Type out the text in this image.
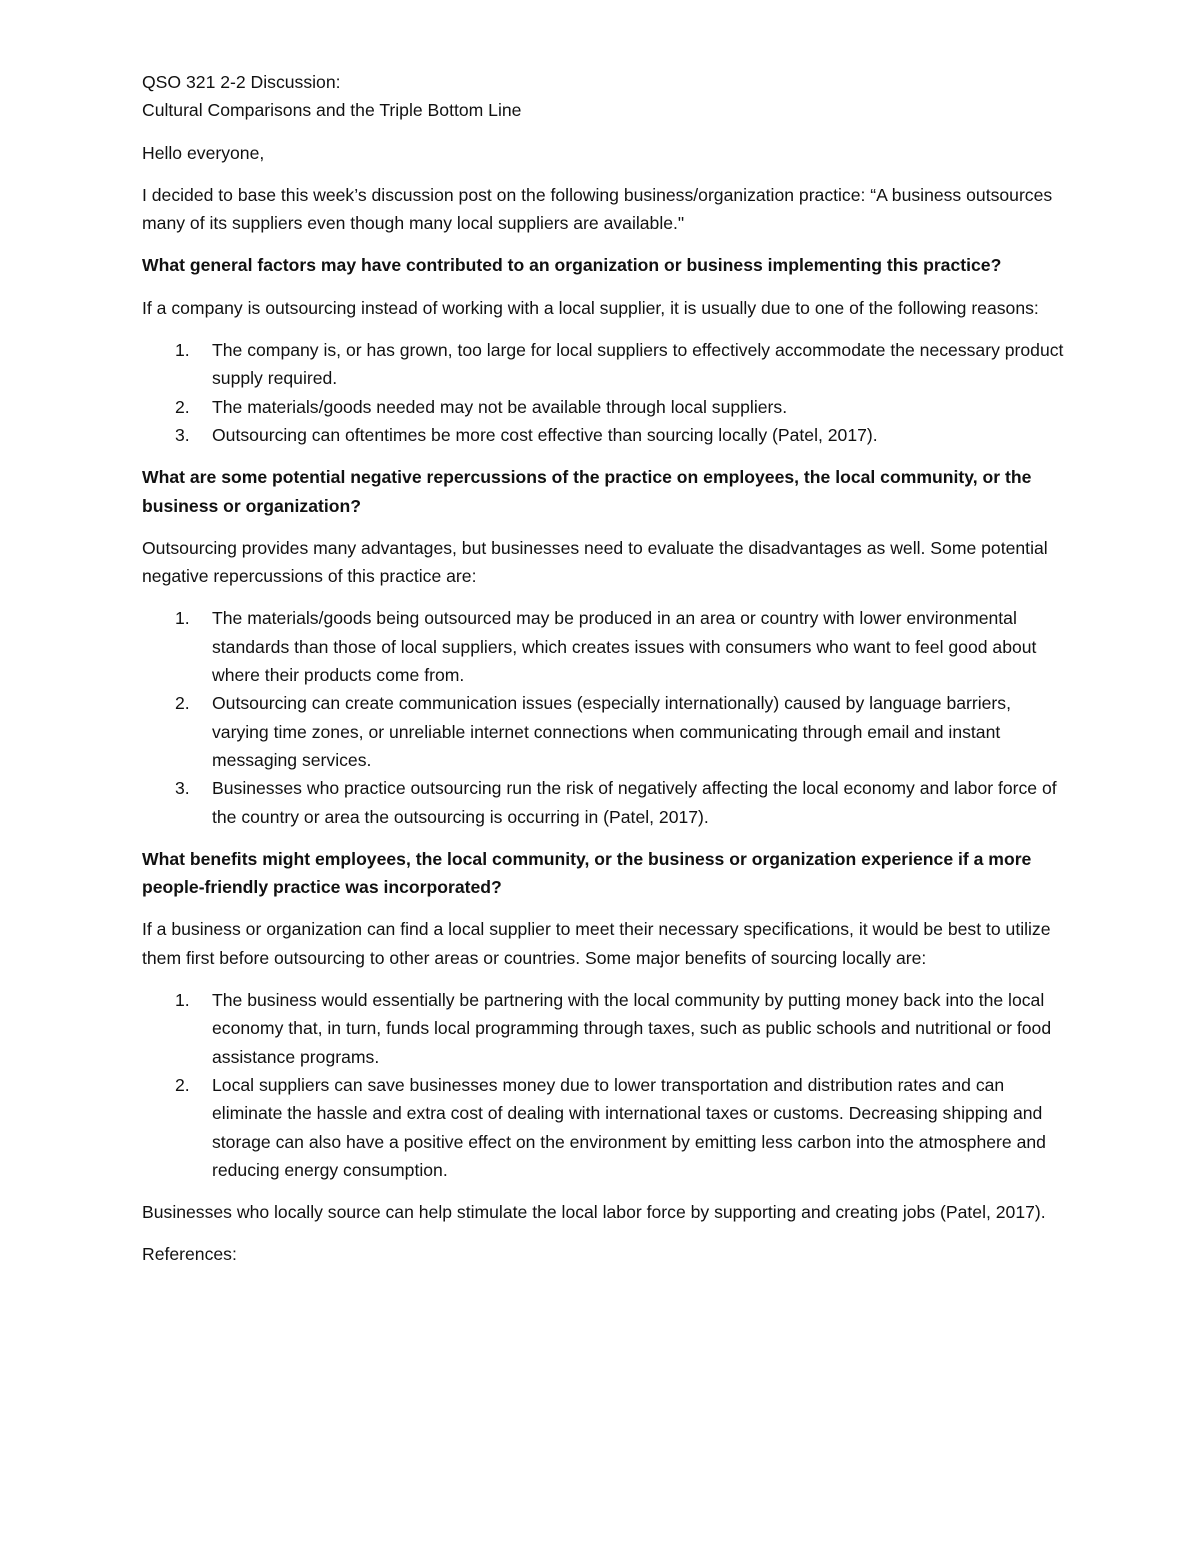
QSO 321 2-2 Discussion:

Cultural Comparisons and the Triple Bottom Line

Hello everyone,

I decided to base this week’s discussion post on the following business/organization practice: “A business outsources many of its suppliers even though many local suppliers are available."

What general factors may have contributed to an organization or business implementing this practice?

If a company is outsourcing instead of working with a local supplier, it is usually due to one of the following reasons:

1. The company is, or has grown, too large for local suppliers to effectively accommodate the necessary product supply required.
2. The materials/goods needed may not be available through local suppliers.
3. Outsourcing can oftentimes be more cost effective than sourcing locally (Patel, 2017).

What are some potential negative repercussions of the practice on employees, the local community, or the business or organization?

Outsourcing provides many advantages, but businesses need to evaluate the disadvantages as well. Some potential negative repercussions of this practice are:

1. The materials/goods being outsourced may be produced in an area or country with lower environmental standards than those of local suppliers, which creates issues with consumers who want to feel good about where their products come from.
2. Outsourcing can create communication issues (especially internationally) caused by language barriers, varying time zones, or unreliable internet connections when communicating through email and instant messaging services.
3. Businesses who practice outsourcing run the risk of negatively affecting the local economy and labor force of the country or area the outsourcing is occurring in (Patel, 2017).

What benefits might employees, the local community, or the business or organization experience if a more people-friendly practice was incorporated?

If a business or organization can find a local supplier to meet their necessary specifications, it would be best to utilize them first before outsourcing to other areas or countries. Some major benefits of sourcing locally are:

1. The business would essentially be partnering with the local community by putting money back into the local economy that, in turn, funds local programming through taxes, such as public schools and nutritional or food assistance programs.
2. Local suppliers can save businesses money due to lower transportation and distribution rates and can eliminate the hassle and extra cost of dealing with international taxes or customs. Decreasing shipping and storage can also have a positive effect on the environment by emitting less carbon into the atmosphere and reducing energy consumption.

Businesses who locally source can help stimulate the local labor force by supporting and creating jobs (Patel, 2017).

References:
